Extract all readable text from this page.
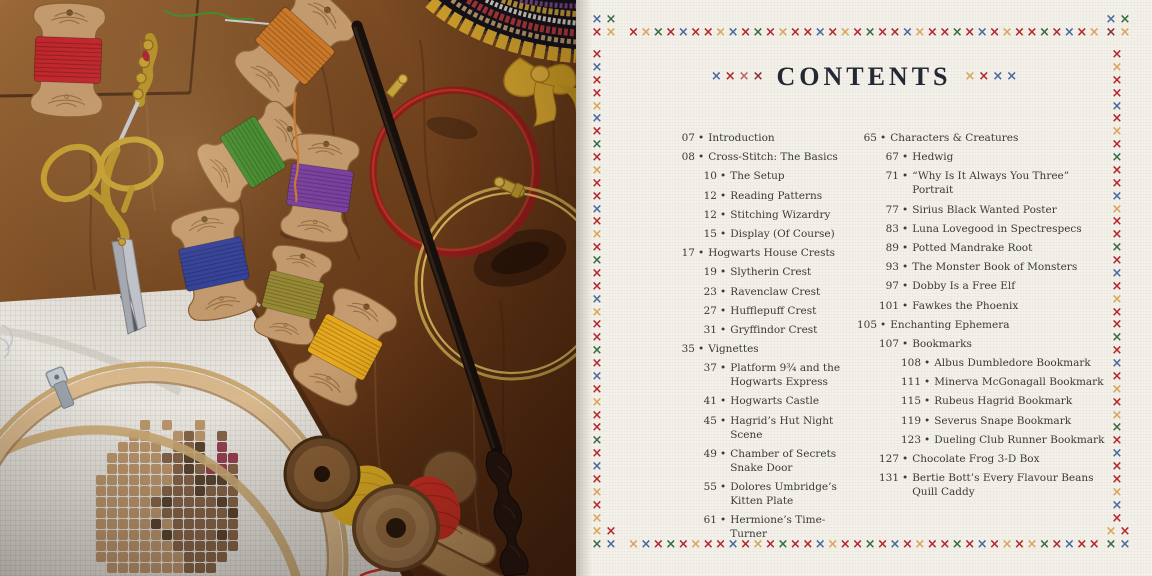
× × × × × × × × × × × × × × × × × × × × × × × × × × × × × × × × × × × × × ×
× × × × × × × × × × × × × × × × × × × × × × × × × × × × × × × × × × × × × ×
×
×
×
×
×
×
×
×
×
×
×
×
×
×
×
×
×
×
×
×
×
×
×
×
×
×
×
×
×
×
×
×
×
×
×
×
×
×
×
×
×
×
×
×
×
×
×
×
×
×
×
×
×
×
×
×
×
×
×
×
×
×
×
×
×
×
×
×
×
×
×
×
×
×
× ×
× ×
× ×
× ×
× ×
× ×
× ×
× ×
× × × × CONTENTS × × × ×
07 • Introduction
08 • Cross-Stitch: The Basics
10 • The Setup
12 • Reading Patterns
12 • Stitching Wizardry
15 • Display (Of Course)
17 • Hogwarts House Crests
19 • Slytherin Crest
23 • Ravenclaw Crest
27 • Hufflepuff Crest
31 • Gryffindor Crest
35 • Vignettes
37 • Platform 9¾ and the Hogwarts Express
41 • Hogwarts Castle
45 • Hagrid’s Hut Night Scene
49 • Chamber of Secrets Snake Door
55 • Dolores Umbridge’s Kitten Plate
61 • Hermione’s Time-Turner
65 • Characters & Creatures
67 • Hedwig
71 • “Why Is It Always You Three” Portrait
77 • Sirius Black Wanted Poster
83 • Luna Lovegood in Spectrespecs
89 • Potted Mandrake Root
93 • The Monster Book of Monsters
97 • Dobby Is a Free Elf
101 • Fawkes the Phoenix
105 • Enchanting Ephemera
107 • Bookmarks
108 • Albus Dumbledore Bookmark
111 • Minerva McGonagall Bookmark
115 • Rubeus Hagrid Bookmark
119 • Severus Snape Bookmark
123 • Dueling Club Runner Bookmark
127 • Chocolate Frog 3-D Box
131 • Bertie Bott’s Every Flavour Beans Quill Caddy
